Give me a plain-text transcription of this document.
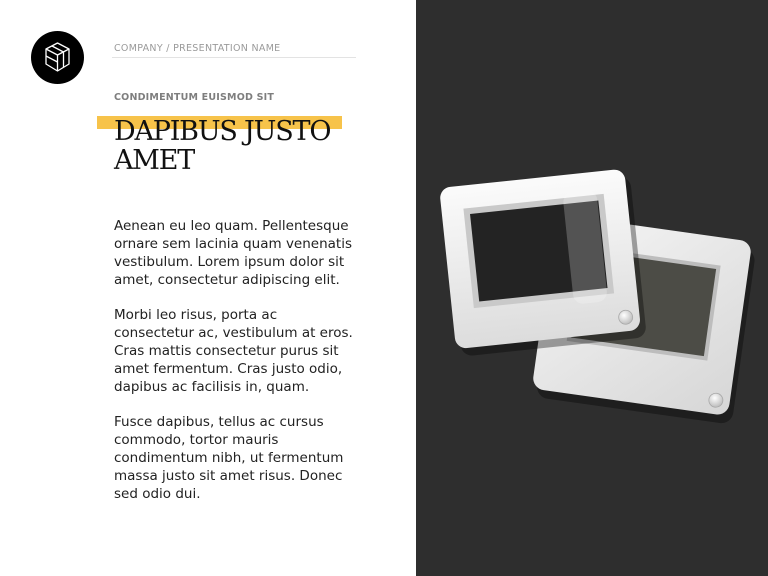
COMPANY / PRESENTATION NAME
CONDIMENTUM EUISMOD SIT
DAPIBUS JUSTO AMET

Aenean eu leo quam. Pellentesque ornare sem lacinia quam venenatis vestibulum. Lorem ipsum dolor sit amet, consectetur adipiscing elit.

Morbi leo risus, porta ac consectetur ac, vestibulum at eros. Cras mattis consectetur purus sit amet fermentum. Cras justo odio, dapibus ac facilisis in, quam.

Fusce dapibus, tellus ac cursus commodo, tortor mauris condimentum nibh, ut fermentum massa justo sit amet risus. Donec sed odio dui.
